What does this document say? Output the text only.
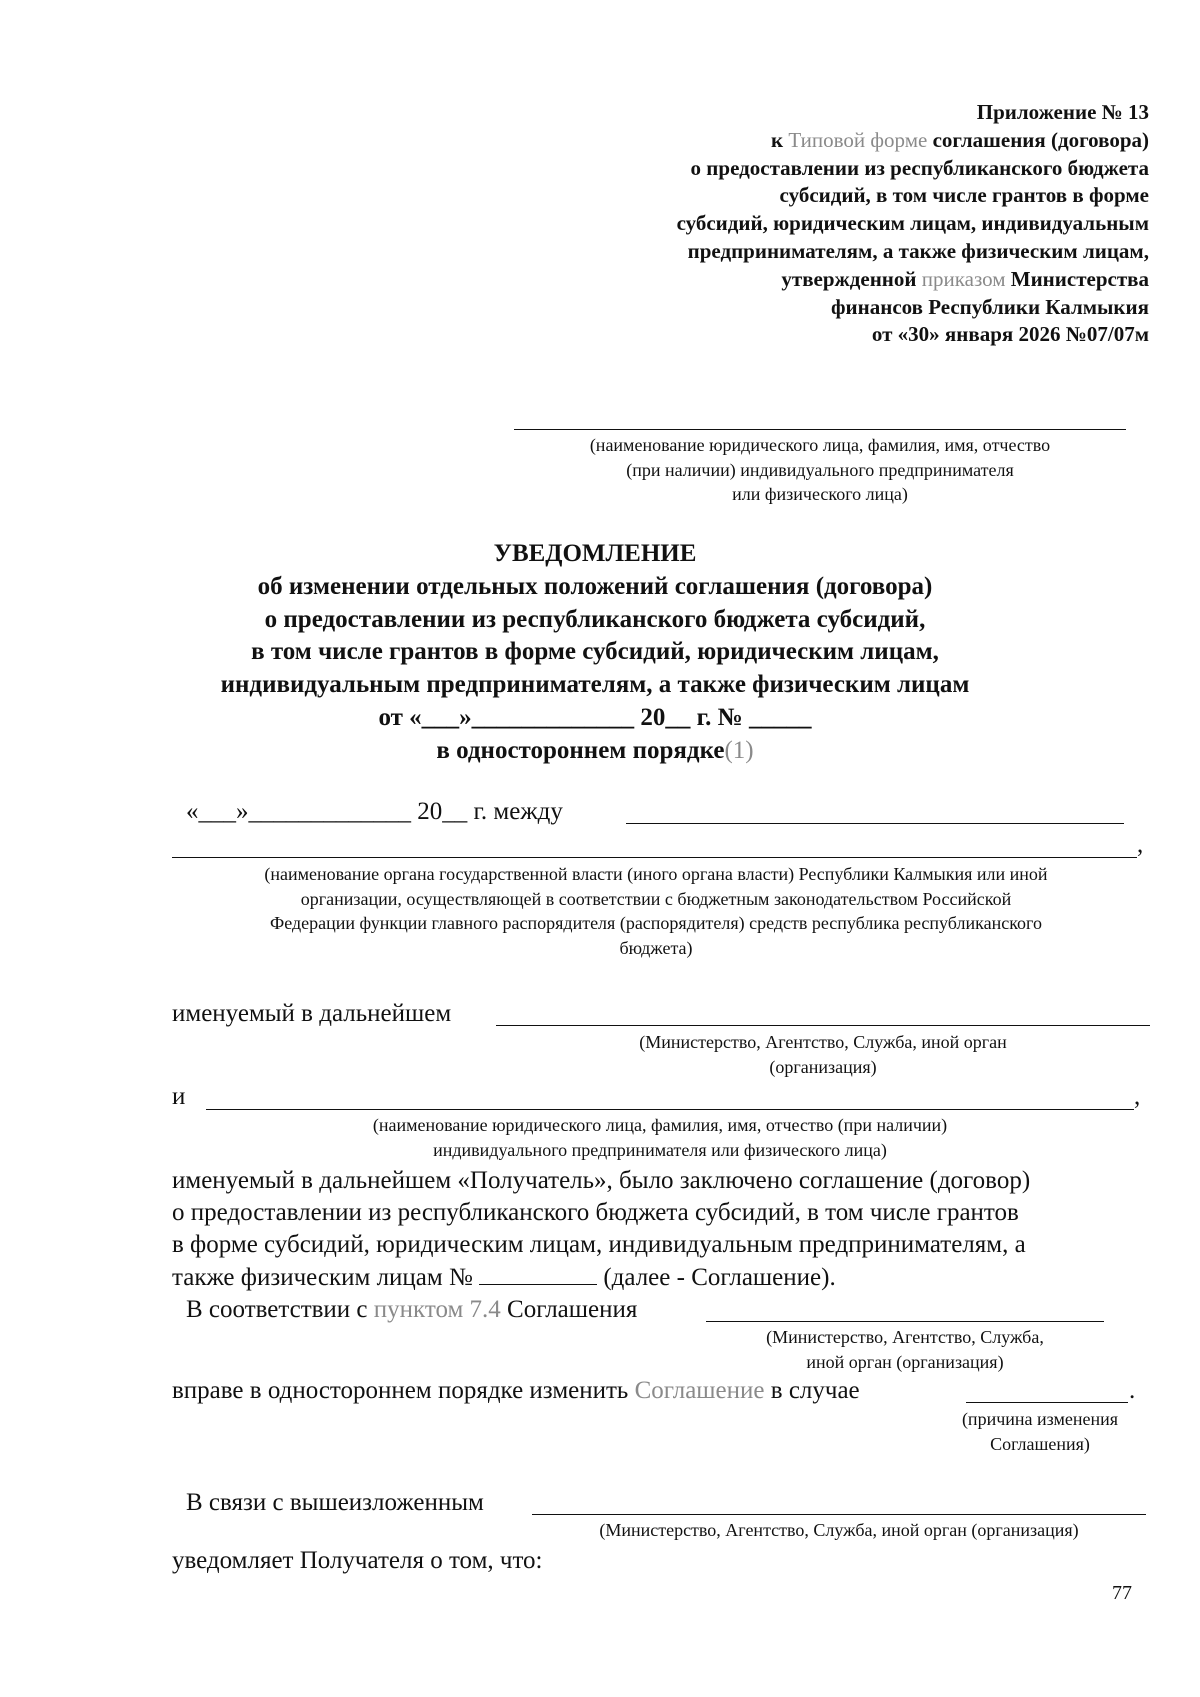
Приложение № 13
к Типовой форме соглашения (договора)
о предоставлении из республиканского бюджета
субсидий, в том числе грантов в форме
субсидий, юридическим лицам, индивидуальным
предпринимателям, а также физическим лицам,
утвержденной приказом Министерства
финансов Республики Калмыкия
от «30» января 2026 №07/07м
(наименование юридического лица, фамилия, имя, отчество
(при наличии) индивидуального предпринимателя
или физического лица)
УВЕДОМЛЕНИЕ
об изменении отдельных положений соглашения (договора)
о предоставлении из республиканского бюджета субсидий,
в том числе грантов в форме субсидий, юридическим лицам,
индивидуальным предпринимателям, а также физическим лицам
от «___»_____________ 20__ г. № _____
в одностороннем порядке(1)
«___»_____________ 20__ г. между
,
(наименование органа государственной власти (иного органа власти) Республики Калмыкия или иной
организации, осуществляющей в соответствии с бюджетным законодательством Российской
Федерации функции главного распорядителя (распорядителя) средств республика республиканского
бюджета)
именуемый в дальнейшем
(Министерство, Агентство, Служба, иной орган
(организация)
и	,
(наименование юридического лица, фамилия, имя, отчество (при наличии)
индивидуального предпринимателя или физического лица)
именуемый в дальнейшем «Получатель», было заключено соглашение (договор)
о предоставлении из республиканского бюджета субсидий, в том числе грантов
в форме субсидий, юридическим лицам, индивидуальным предпринимателям, а
также физическим лицам №	(далее - Соглашение).
В соответствии с пунктом 7.4 Соглашения
(Министерство, Агентство, Служба,
иной орган (организация)
вправе в одностороннем порядке изменить Соглашение в случае	.
(причина изменения
Соглашения)
В связи с вышеизложенным
(Министерство, Агентство, Служба, иной орган (организация)
уведомляет Получателя о том, что:
77
